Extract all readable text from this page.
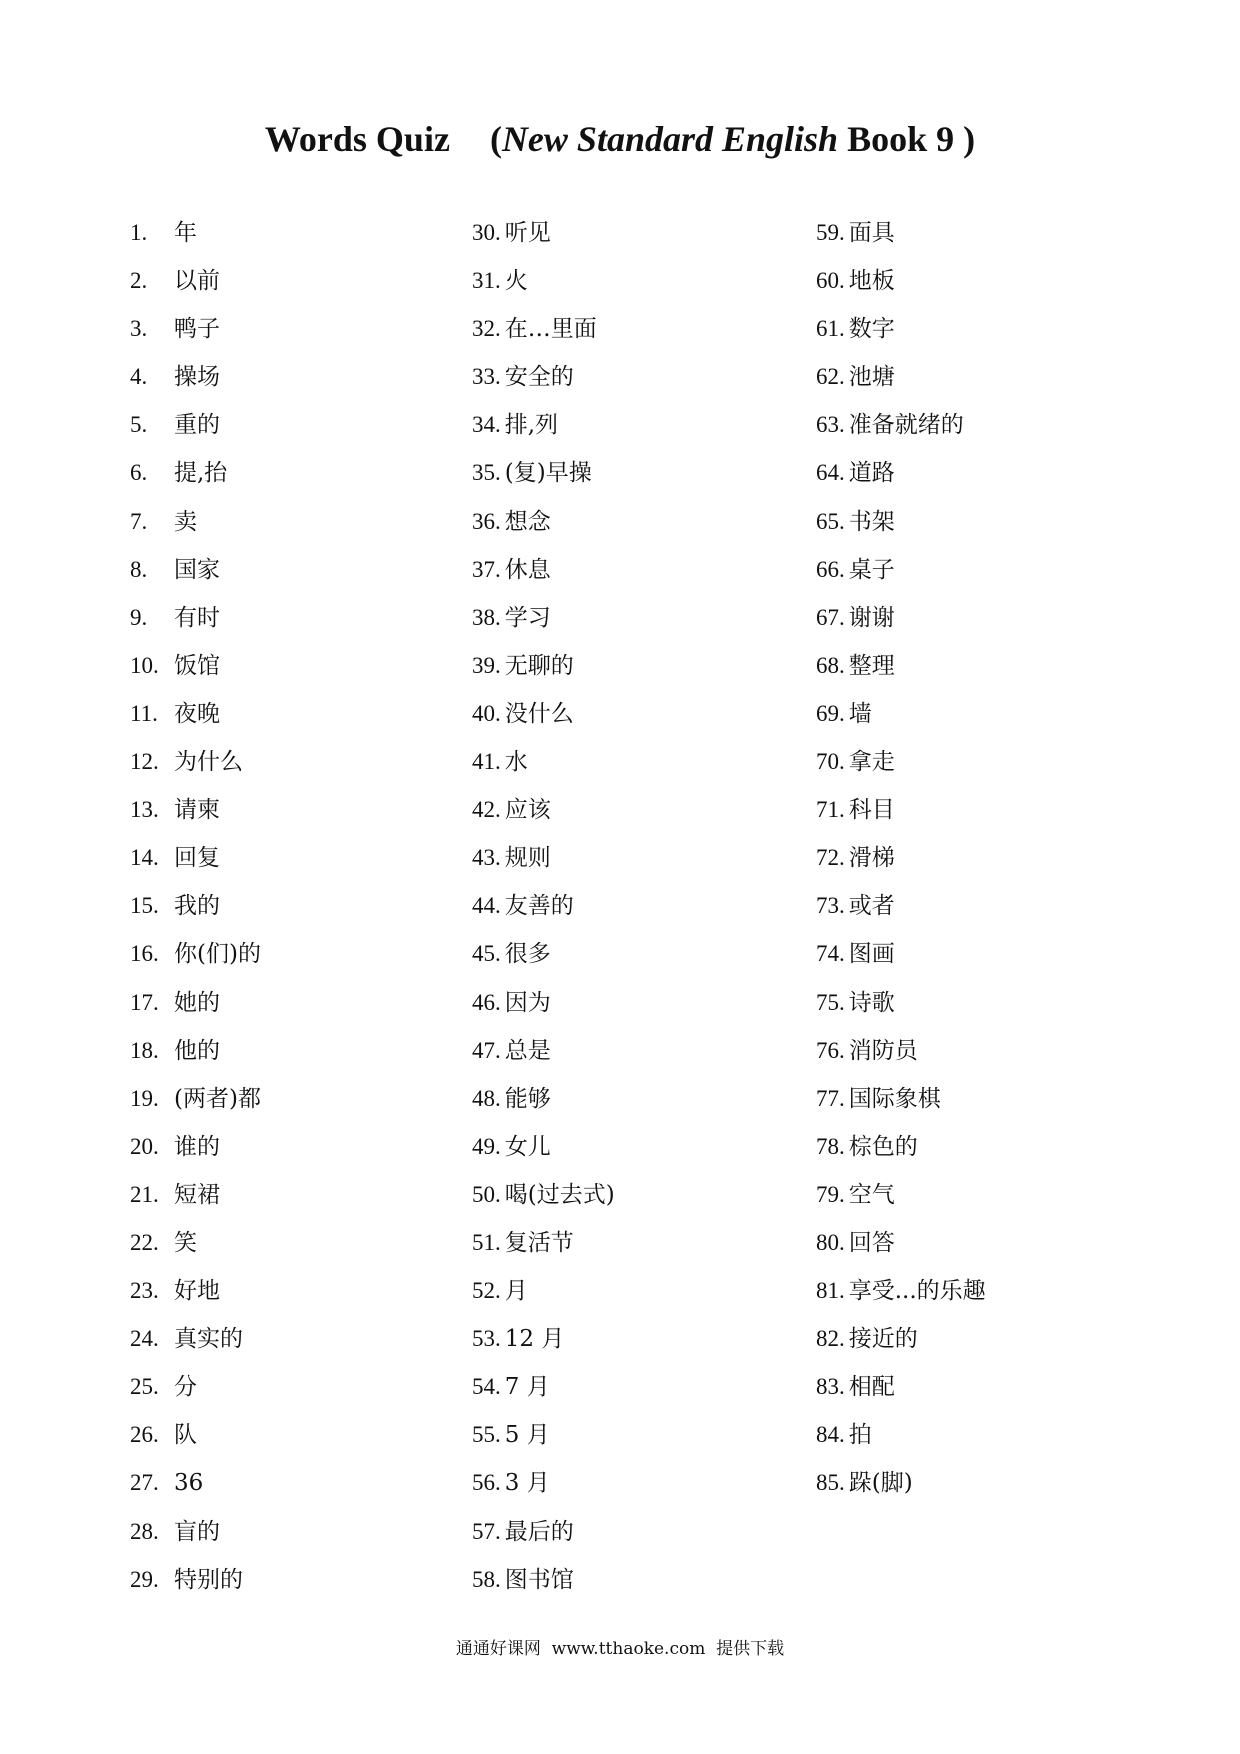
Words Quiz (New Standard English Book 9 )
1.	年
2.	以前
3.	鸭子
4.	操场
5.	重的
6.	提,抬
7.	卖
8.	国家
9.	有时
10. 饭馆
11. 夜晚
12. 为什么
13. 请柬
14. 回复
15. 我的
16. 你(们)的
17. 她的
18. 他的
19. (两者)都
20. 谁的
21. 短裙
22. 笑
23. 好地
24. 真实的
25. 分
26. 队
27. 36
28. 盲的
29. 特别的
30. 听见
31. 火
32. 在…里面
33. 安全的
34. 排,列
35. (复)早操
36. 想念
37. 休息
38. 学习
39. 无聊的
40. 没什么
41. 水
42. 应该
43. 规则
44. 友善的
45. 很多
46. 因为
47. 总是
48. 能够
49. 女儿
50. 喝(过去式)
51. 复活节
52. 月
53. 12 月
54. 7 月
55. 5 月
56. 3 月
57. 最后的
58. 图书馆
59. 面具
60. 地板
61. 数字
62. 池塘
63. 准备就绪的
64. 道路
65. 书架
66. 桌子
67. 谢谢
68. 整理
69. 墙
70. 拿走
71. 科目
72. 滑梯
73. 或者
74. 图画
75. 诗歌
76. 消防员
77. 国际象棋
78. 棕色的
79. 空气
80. 回答
81. 享受...的乐趣
82. 接近的
83. 相配
84. 拍
85. 跺(脚)
通通好课网  www.tthaoke.com  提供下载
